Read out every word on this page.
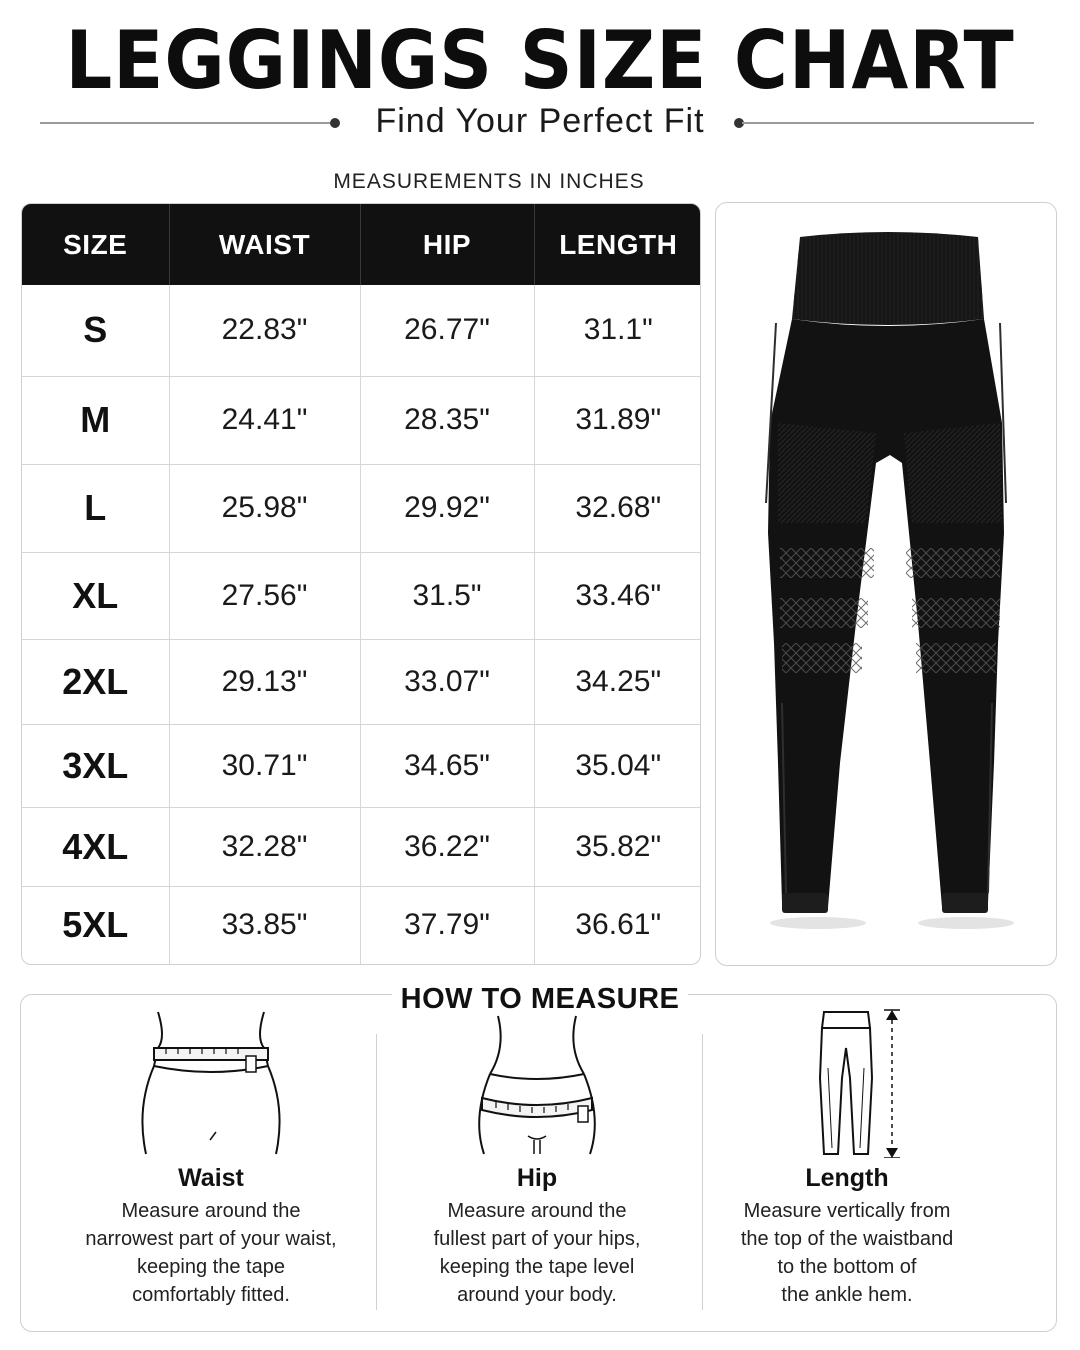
LEGGINGS SIZE CHART
Find Your Perfect Fit
MEASUREMENTS IN INCHES
SIZE	WAIST	HIP	LENGTH
S	22.83"	26.77"	31.1"
M	24.41"	28.35"	31.89"
L	25.98"	29.92"	32.68"
XL	27.56"	31.5"	33.46"
2XL	29.13"	33.07"	34.25"
3XL	30.71"	34.65"	35.04"
4XL	32.28"	36.22"	35.82"
5XL	33.85"	37.79"	36.61"
HOW TO MEASURE
Waist
Measure around the
narrowest part of your waist,
keeping the tape
comfortably fitted.
Hip
Measure around the
fullest part of your hips,
keeping the tape level
around your body.
Length
Measure vertically from
the top of the waistband
to the bottom of
the ankle hem.
